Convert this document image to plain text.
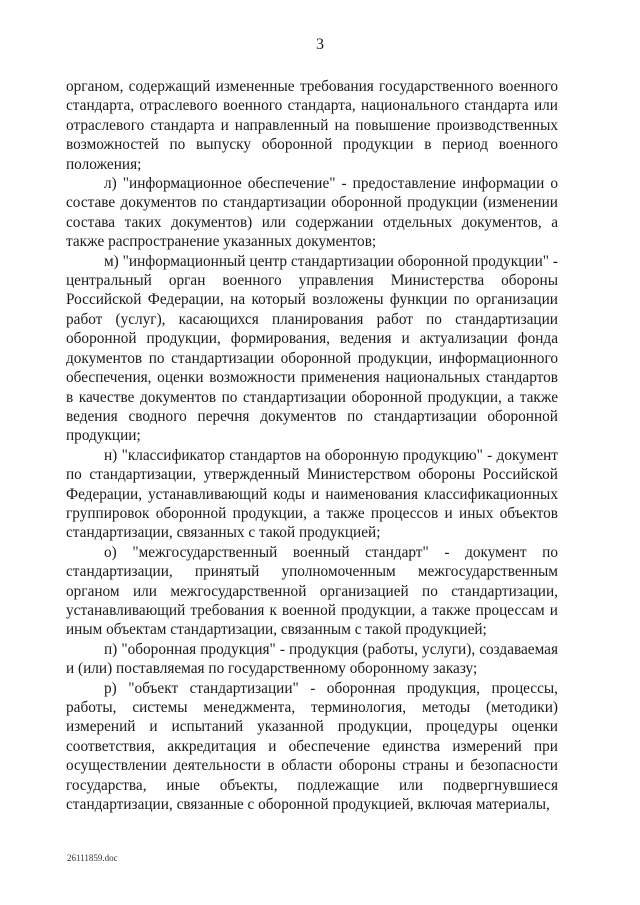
3

органом, содержащий измененные требования государственного военного стандарта, отраслевого военного стандарта, национального стандарта или отраслевого стандарта и направленный на повышение производственных возможностей по выпуску оборонной продукции в период военного положения;

л) "информационное обеспечение" - предоставление информации о составе документов по стандартизации оборонной продукции (изменении состава таких документов) или содержании отдельных документов, а также распространение указанных документов;

м) "информационный центр стандартизации оборонной продукции" - центральный орган военного управления Министерства обороны Российской Федерации, на который возложены функции по организации работ (услуг), касающихся планирования работ по стандартизации оборонной продукции, формирования, ведения и актуализации фонда документов по стандартизации оборонной продукции, информационного обеспечения, оценки возможности применения национальных стандартов в качестве документов по стандартизации оборонной продукции, а также ведения сводного перечня документов по стандартизации оборонной продукции;

н) "классификатор стандартов на оборонную продукцию" - документ по стандартизации, утвержденный Министерством обороны Российской Федерации, устанавливающий коды и наименования классификационных группировок оборонной продукции, а также процессов и иных объектов стандартизации, связанных с такой продукцией;

о) "межгосударственный военный стандарт" - документ по стандартизации, принятый уполномоченным межгосударственным органом или межгосударственной организацией по стандартизации, устанавливающий требования к военной продукции, а также процессам и иным объектам стандартизации, связанным с такой продукцией;

п) "оборонная продукция" - продукция (работы, услуги), создаваемая и (или) поставляемая по государственному оборонному заказу;

р) "объект стандартизации" - оборонная продукция, процессы, работы, системы менеджмента, терминология, методы (методики) измерений и испытаний указанной продукции, процедуры оценки соответствия, аккредитация и обеспечение единства измерений при осуществлении деятельности в области обороны страны и безопасности государства, иные объекты, подлежащие или подвергнувшиеся стандартизации, связанные с оборонной продукцией, включая материалы,

26111859.doc
